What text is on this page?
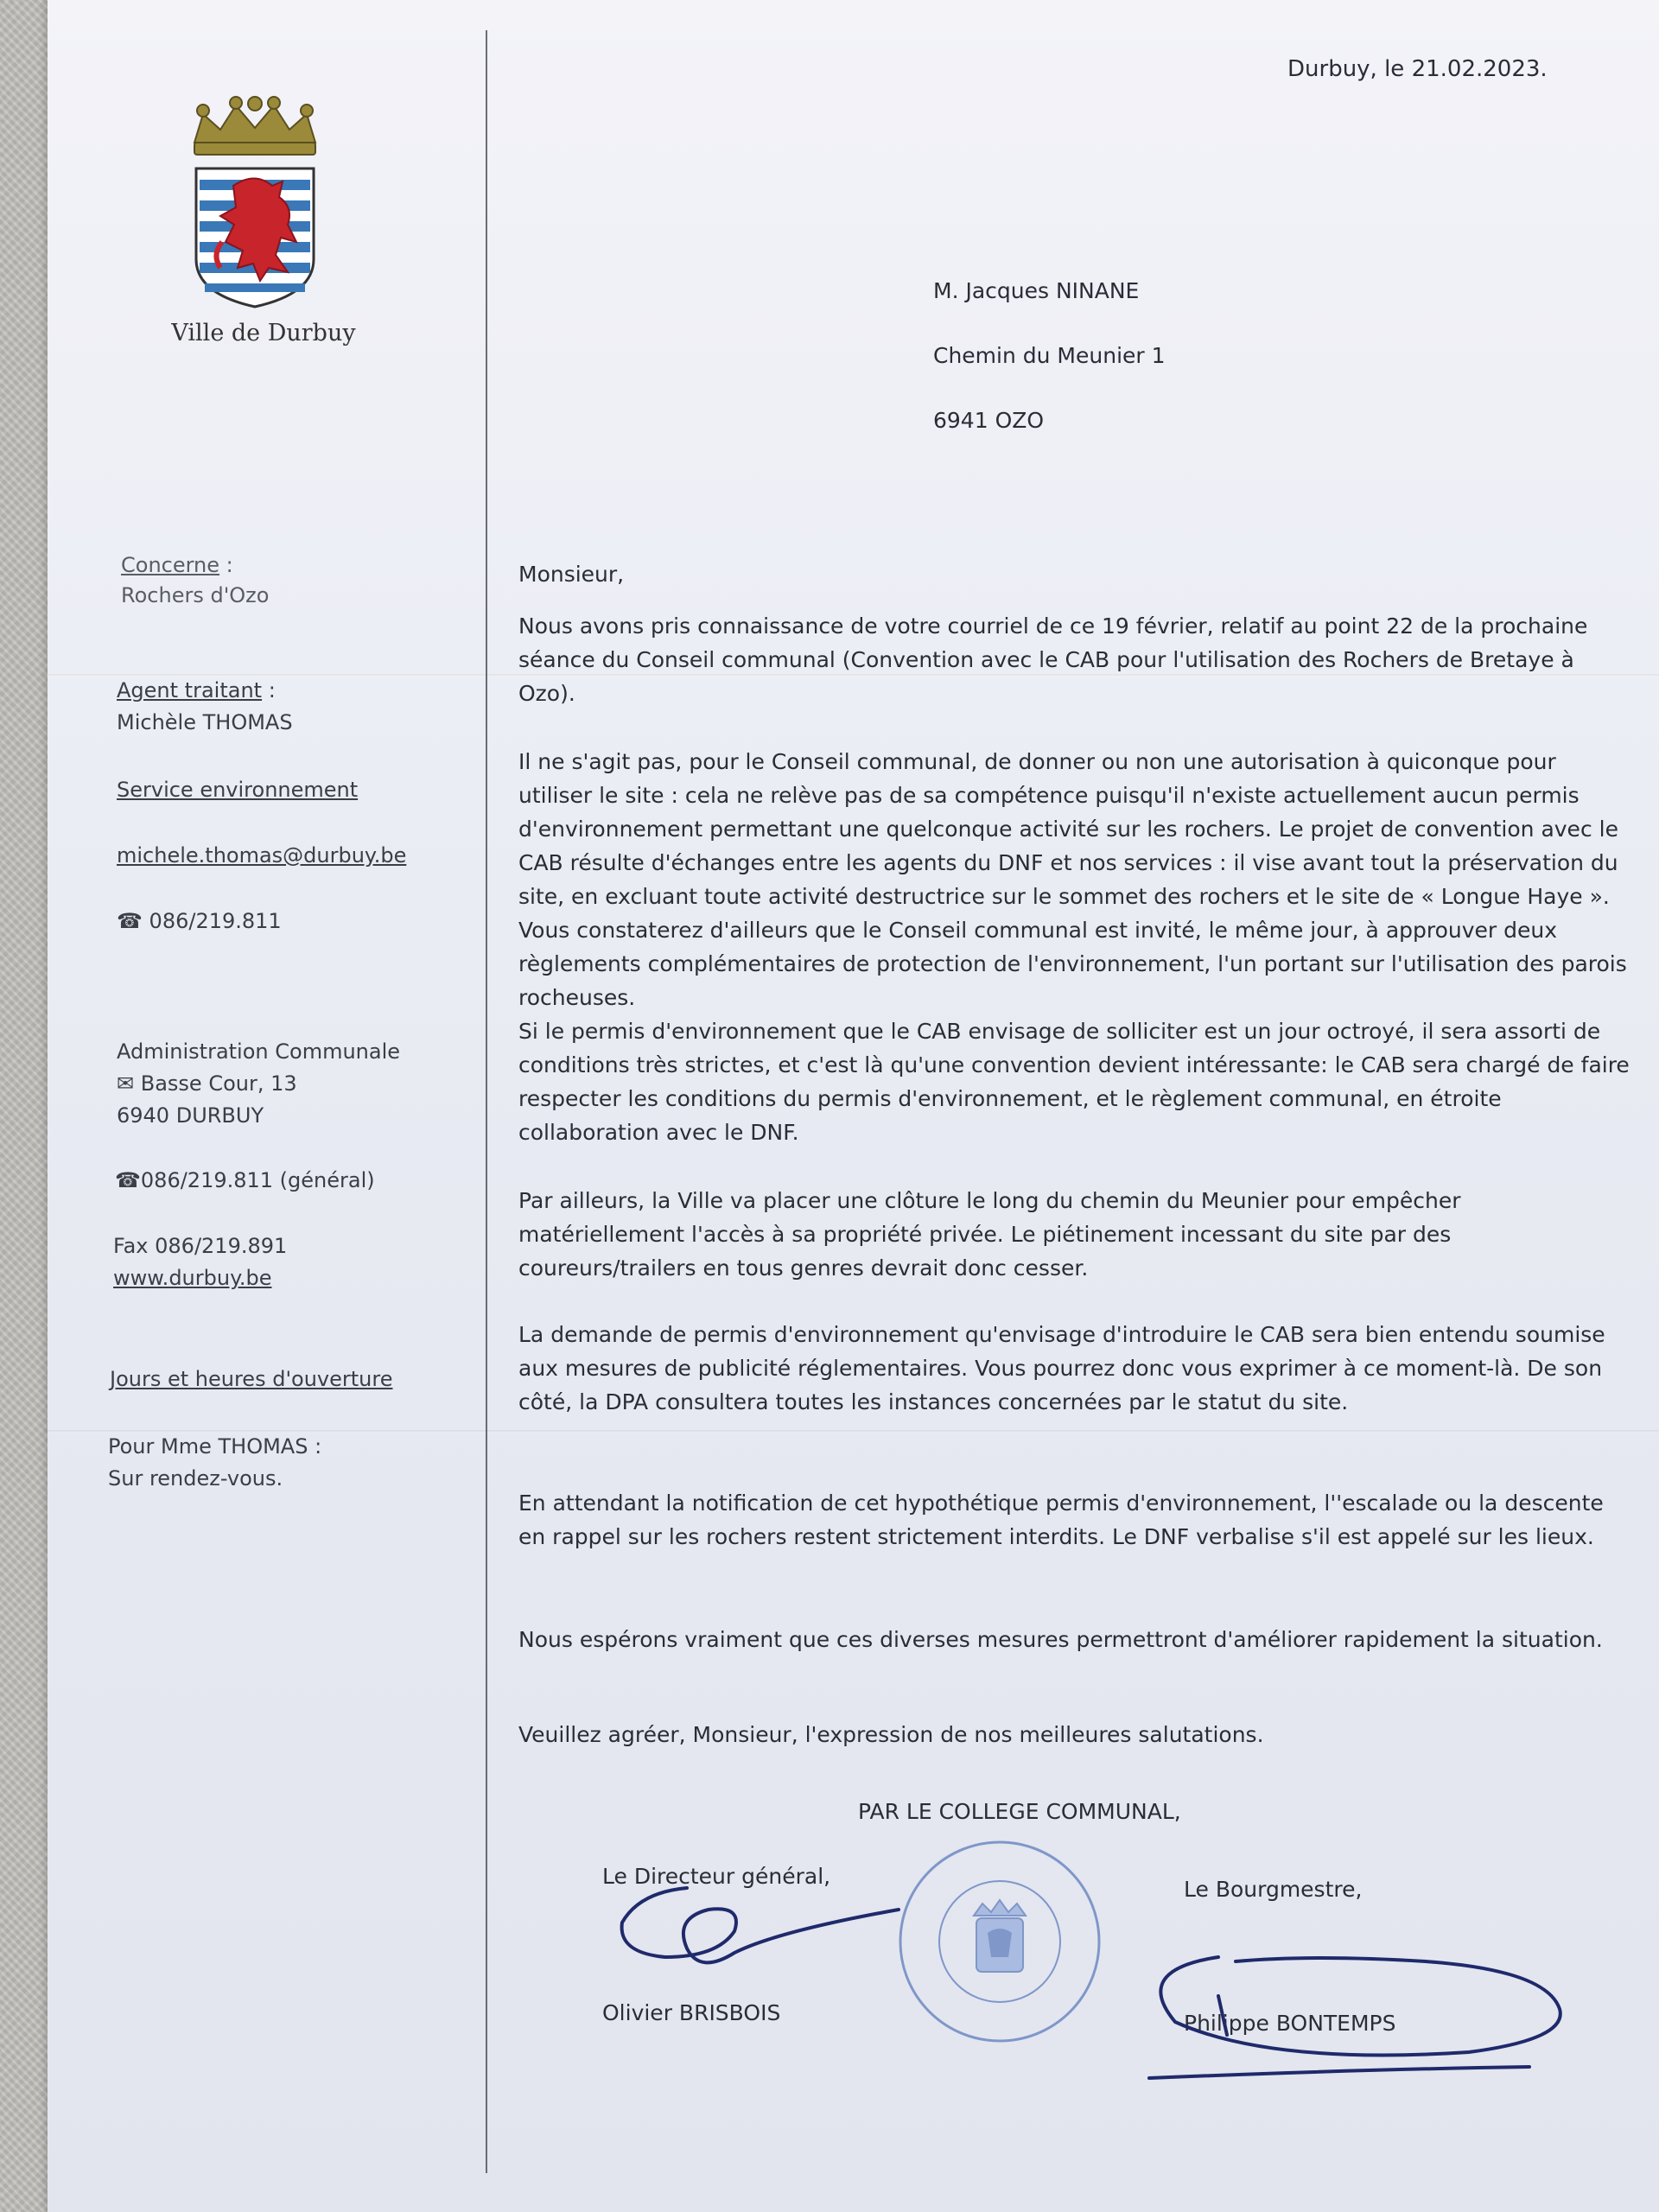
Ville de Durbuy
Durbuy, le 21.02.2023.
M. Jacques NINANE
Chemin du Meunier 1
6941 OZO
Concerne :
Rochers d'Ozo
Agent traitant :
Michèle THOMAS
Service environnement
michele.thomas@durbuy.be
☎ 086/219.811
Administration Communale
✉ Basse Cour, 13
6940 DURBUY
☎086/219.811 (général)
Fax 086/219.891
www.durbuy.be
Jours et heures d'ouverture
Pour Mme THOMAS :
Sur rendez-vous.
Monsieur,

Nous avons pris connaissance de votre courriel de ce 19 février, relatif au point 22 de la prochaine séance du Conseil communal (Convention avec le CAB pour l'utilisation des Rochers de Bretaye à Ozo).

Il ne s'agit pas, pour le Conseil communal, de donner ou non une autorisation à quiconque pour utiliser le site : cela ne relève pas de sa compétence puisqu'il n'existe actuellement aucun permis d'environnement permettant une quelconque activité sur les rochers. Le projet de convention avec le CAB résulte d'échanges entre les agents du DNF et nos services : il vise avant tout la préservation du site, en excluant toute activité destructrice sur le sommet des rochers et le site de « Longue Haye ». Vous constaterez d'ailleurs que le Conseil communal est invité, le même jour, à approuver deux règlements complémentaires de protection de l'environnement, l'un portant sur l'utilisation des parois rocheuses.

Si le permis d'environnement que le CAB envisage de solliciter est un jour octroyé, il sera assorti de conditions très strictes, et c'est là qu'une convention devient intéressante: le CAB sera chargé de faire respecter les conditions du permis d'environnement, et le règlement communal, en étroite collaboration avec le DNF.

Par ailleurs, la Ville va placer une clôture le long du chemin du Meunier pour empêcher matériellement l'accès à sa propriété privée. Le piétinement incessant du site par des coureurs/trailers en tous genres devrait donc cesser.

La demande de permis d'environnement qu'envisage d'introduire le CAB sera bien entendu soumise aux mesures de publicité réglementaires. Vous pourrez donc vous exprimer à ce moment-là. De son côté, la DPA consultera toutes les instances concernées par le statut du site.

En attendant la notification de cet hypothétique permis d'environnement, l''escalade ou la descente en rappel sur les rochers restent strictement interdits. Le DNF verbalise s'il est appelé sur les lieux.

Nous espérons vraiment que ces diverses mesures permettront d'améliorer rapidement la situation.

Veuillez agréer, Monsieur, l'expression de nos meilleures salutations.
PAR LE COLLEGE COMMUNAL,
Le Directeur général,
Le Bourgmestre,
Olivier BRISBOIS	Philippe BONTEMPS
